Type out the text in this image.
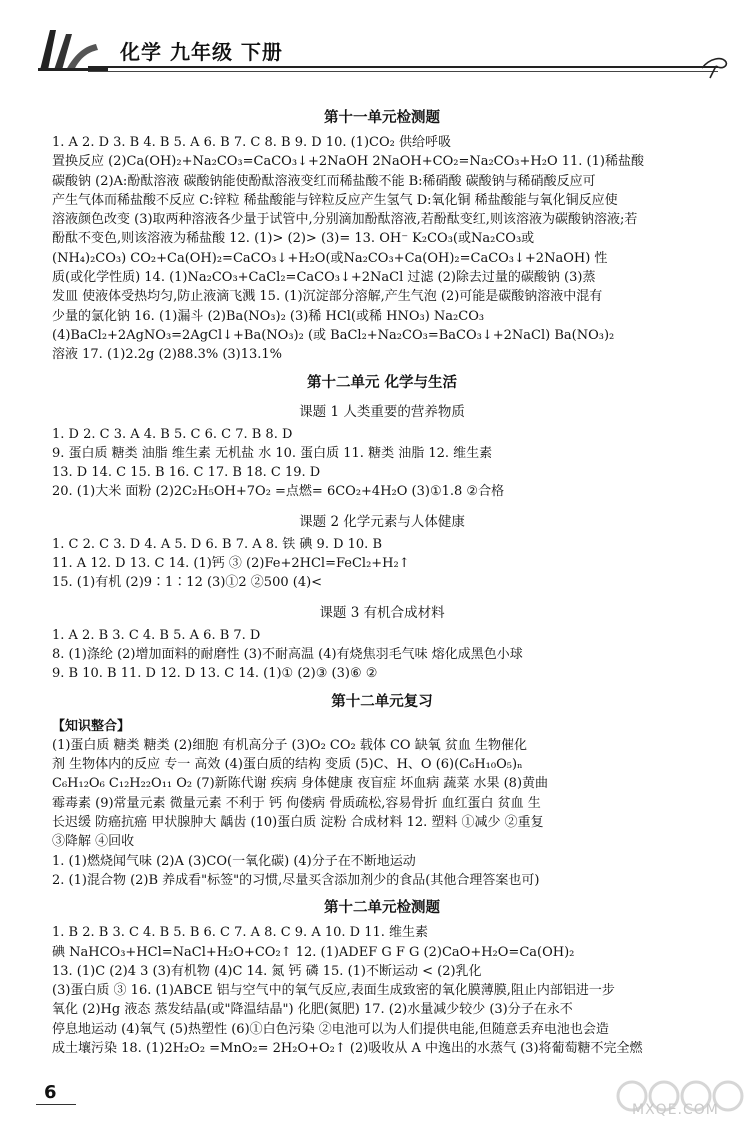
化学 九年级 下册
第十一单元检测题
1. A 2. D 3. B 4. B 5. A 6. B 7. C 8. B 9. D 10. (1)CO₂ 供给呼吸
置换反应 (2)Ca(OH)₂+Na₂CO₃=CaCO₃↓+2NaOH 2NaOH+CO₂=Na₂CO₃+H₂O 11. (1)稀盐酸
碳酸钠 (2)A:酚酞溶液 碳酸钠能使酚酞溶液变红而稀盐酸不能 B:稀硝酸 碳酸钠与稀硝酸反应可
产生气体而稀盐酸不反应 C:锌粒 稀盐酸能与锌粒反应产生氢气 D:氧化铜 稀盐酸能与氧化铜反应使
溶液颜色改变 (3)取两种溶液各少量于试管中,分别滴加酚酞溶液,若酚酞变红,则该溶液为碳酸钠溶液;若
酚酞不变色,则该溶液为稀盐酸 12. (1)> (2)> (3)= 13. OH⁻ K₂CO₃(或Na₂CO₃或
(NH₄)₂CO₃) CO₂+Ca(OH)₂=CaCO₃↓+H₂O(或Na₂CO₃+Ca(OH)₂=CaCO₃↓+2NaOH) 性
质(或化学性质) 14. (1)Na₂CO₃+CaCl₂=CaCO₃↓+2NaCl 过滤 (2)除去过量的碳酸钠 (3)蒸
发皿 使液体受热均匀,防止液滴飞溅 15. (1)沉淀部分溶解,产生气泡 (2)可能是碳酸钠溶液中混有
少量的氯化钠 16. (1)漏斗 (2)Ba(NO₃)₂ (3)稀 HCl(或稀 HNO₃) Na₂CO₃
(4)BaCl₂+2AgNO₃=2AgCl↓+Ba(NO₃)₂ (或 BaCl₂+Na₂CO₃=BaCO₃↓+2NaCl) Ba(NO₃)₂
溶液 17. (1)2.2g (2)88.3% (3)13.1%
第十二单元 化学与生活
课题 1 人类重要的营养物质
1. D 2. C 3. A 4. B 5. C 6. C 7. B 8. D
9. 蛋白质 糖类 油脂 维生素 无机盐 水 10. 蛋白质 11. 糖类 油脂 12. 维生素
13. D 14. C 15. B 16. C 17. B 18. C 19. D
20. (1)大米 面粉 (2)2C₂H₅OH+7O₂ =点燃= 6CO₂+4H₂O (3)①1.8 ②合格
课题 2 化学元素与人体健康
1. C 2. C 3. D 4. A 5. D 6. B 7. A 8. 铁 碘 9. D 10. B
11. A 12. D 13. C 14. (1)钙 ③ (2)Fe+2HCl=FeCl₂+H₂↑
15. (1)有机 (2)9∶1∶12 (3)①2 ②500 (4)<
课题 3 有机合成材料
1. A 2. B 3. C 4. B 5. A 6. B 7. D
8. (1)涤纶 (2)增加面料的耐磨性 (3)不耐高温 (4)有烧焦羽毛气味 熔化成黑色小球
9. B 10. B 11. D 12. D 13. C 14. (1)① (2)③ (3)⑥ ②
第十二单元复习
【知识整合】
(1)蛋白质 糖类 糖类 (2)细胞 有机高分子 (3)O₂ CO₂ 载体 CO 缺氧 贫血 生物催化
剂 生物体内的反应 专一 高效 (4)蛋白质的结构 变质 (5)C、H、O (6)(C₆H₁₀O₅)ₙ
C₆H₁₂O₆ C₁₂H₂₂O₁₁ O₂ (7)新陈代谢 疾病 身体健康 夜盲症 坏血病 蔬菜 水果 (8)黄曲
霉毒素 (9)常量元素 微量元素 不利于 钙 佝偻病 骨质疏松,容易骨折 血红蛋白 贫血 生
长迟缓 防癌抗癌 甲状腺肿大 龋齿 (10)蛋白质 淀粉 合成材料 12. 塑料 ①减少 ②重复
③降解 ④回收
1. (1)燃烧闻气味 (2)A (3)CO(一氧化碳) (4)分子在不断地运动
2. (1)混合物 (2)B 养成看"标签"的习惯,尽量买含添加剂少的食品(其他合理答案也可)
第十二单元检测题
1. B 2. B 3. C 4. B 5. B 6. C 7. A 8. C 9. A 10. D 11. 维生素
碘 NaHCO₃+HCl=NaCl+H₂O+CO₂↑ 12. (1)ADEF G F G (2)CaO+H₂O=Ca(OH)₂
13. (1)C (2)4 3 (3)有机物 (4)C 14. 氮 钙 磷 15. (1)不断运动 < (2)乳化
(3)蛋白质 ③ 16. (1)ABCE 铝与空气中的氧气反应,表面生成致密的氧化膜薄膜,阻止内部铝进一步
氧化 (2)Hg 液态 蒸发结晶(或"降温结晶") 化肥(氮肥) 17. (2)水量减少较少 (3)分子在永不
停息地运动 (4)氧气 (5)热塑性 (6)①白色污染 ②电池可以为人们提供电能,但随意丢弃电池也会造
成土壤污染 18. (1)2H₂O₂ =MnO₂= 2H₂O+O₂↑ (2)吸收从 A 中逸出的水蒸气 (3)将葡萄糖不完全燃
6
MXQE.COM
